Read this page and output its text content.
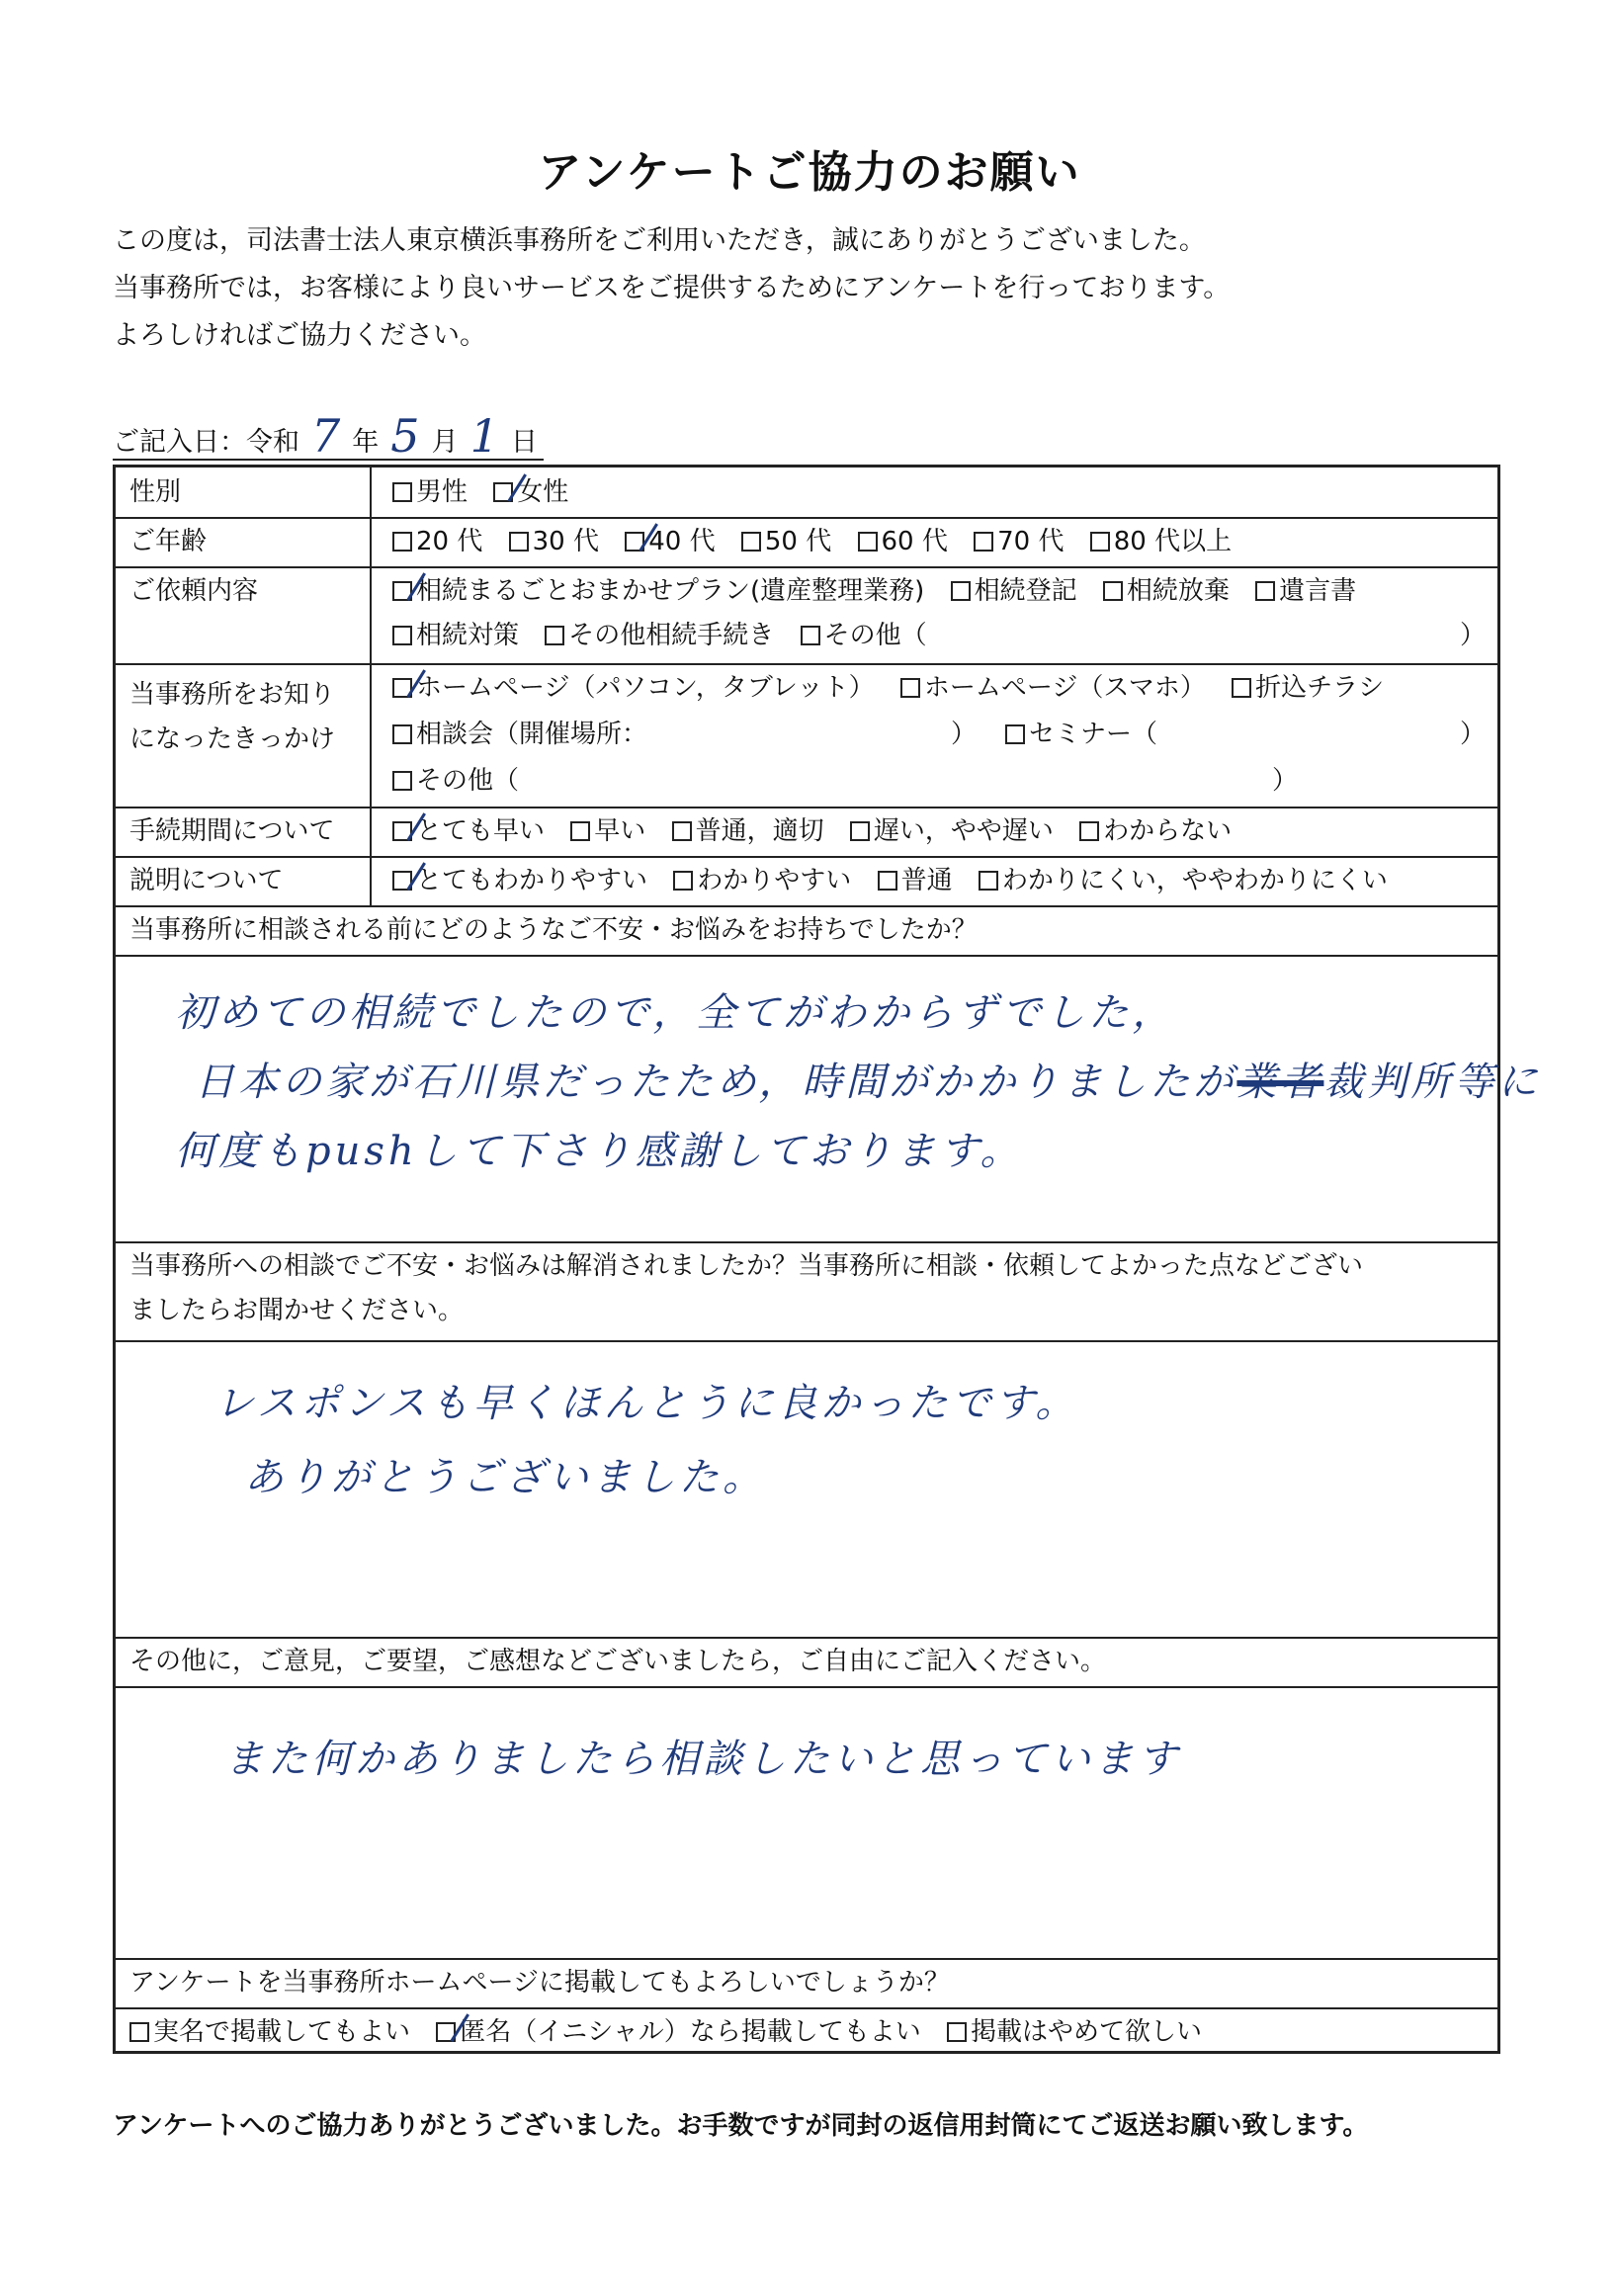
アンケートご協力のお願い
この度は，司法書士法人東京横浜事務所をご利用いただき，誠にありがとうございました。
当事務所では，お客様により良いサービスをご提供するためにアンケートを行っております。
よろしければご協力ください。
ご記入日：令和 7 年 5 月 1 日
性別	男性 女性
ご年齢	20 代 30 代 40 代 50 代 60 代 70 代 80 代以上
ご依頼内容	相続まるごとおまかせプラン(遺産整理業務) 相続登記 相続放棄 遺言書
相続対策 その他相続手続き その他（	）
当事務所をお知り
になったきっかけ
ホームページ（パソコン，タブレット） ホームページ（スマホ） 折込チラシ
相談会（開催場所：	）	セミナー（	）
その他（	）
手続期間について	とても早い 早い 普通，適切 遅い，やや遅い わからない
説明について	とてもわかりやすい わかりやすい 普通 わかりにくい，ややわかりにくい
当事務所に相談される前にどのようなご不安・お悩みをお持ちでしたか？
初めての相続でしたので，全てがわからずでした，
日本の家が石川県だったため，時間がかかりましたが業者裁判所等に
何度もpushして下さり感謝しております。
当事務所への相談でご不安・お悩みは解消されましたか？当事務所に相談・依頼してよかった点などござい
ましたらお聞かせください。
レスポンスも早くほんとうに良かったです。
ありがとうございました。
その他に，ご意見，ご要望，ご感想などございましたら，ご自由にご記入ください。
また何かありましたら相談したいと思っています
アンケートを当事務所ホームページに掲載してもよろしいでしょうか？
実名で掲載してもよい 匿名（イニシャル）なら掲載してもよい 掲載はやめて欲しい
アンケートへのご協力ありがとうございました。お手数ですが同封の返信用封筒にてご返送お願い致します。
